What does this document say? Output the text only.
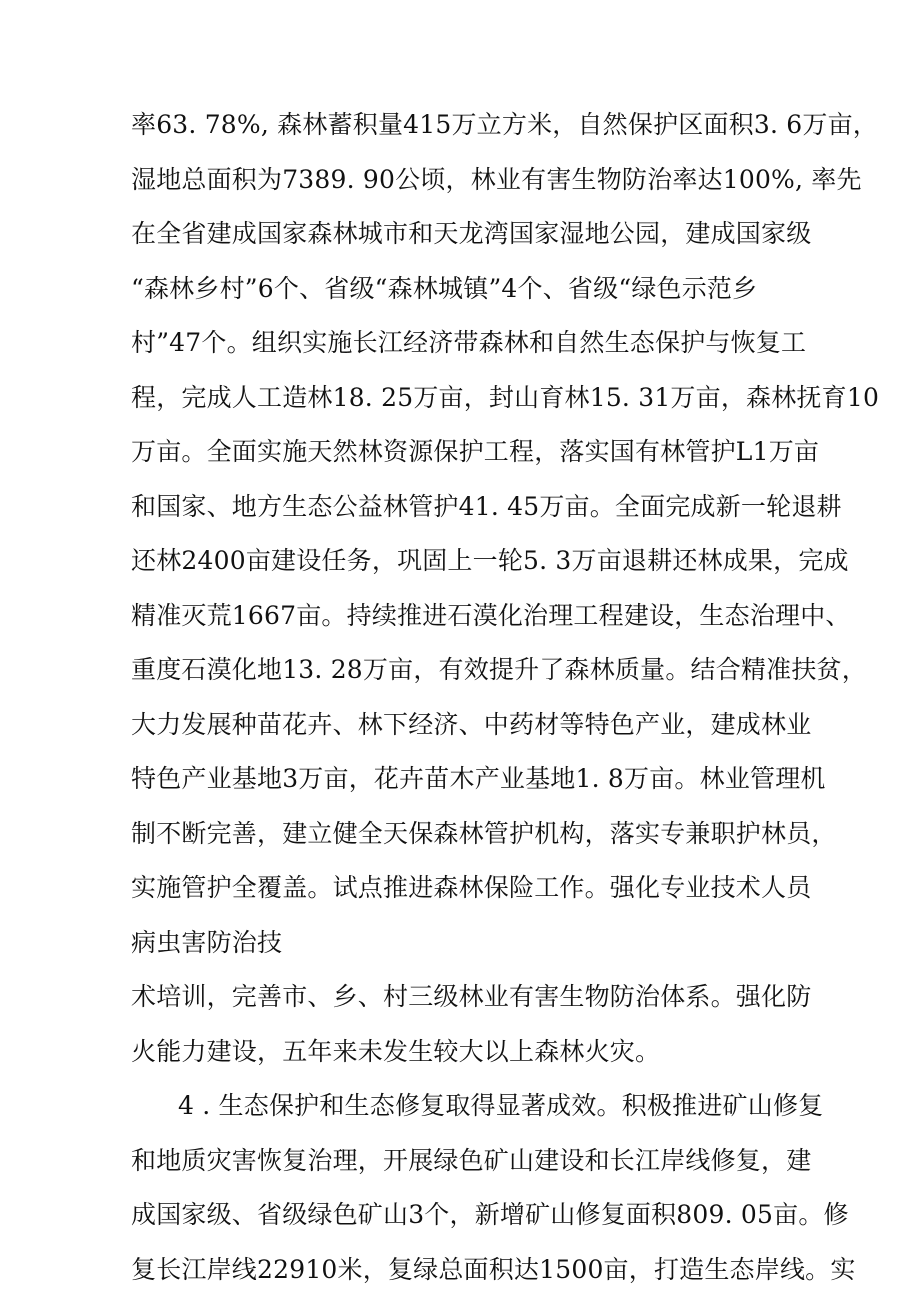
率63. 78%, 森林蓄积量415万立方米，自然保护区面积3. 6万亩，
湿地总面积为7389. 90公顷，林业有害生物防治率达100%, 率先
在全省建成国家森林城市和天龙湾国家湿地公园，建成国家级
“森林乡村”6个、省级“森林城镇”4个、省级“绿色示范乡
村”47个。组织实施长江经济带森林和自然生态保护与恢复工
程，完成人工造林18. 25万亩，封山育林15. 31万亩，森林抚育10
万亩。全面实施天然林资源保护工程，落实国有林管护L1万亩
和国家、地方生态公益林管护41. 45万亩。全面完成新一轮退耕
还林2400亩建设任务，巩固上一轮5. 3万亩退耕还林成果，完成
精准灭荒1667亩。持续推进石漠化治理工程建设，生态治理中、
重度石漠化地13. 28万亩，有效提升了森林质量。结合精准扶贫，
大力发展种苗花卉、林下经济、中药材等特色产业，建成林业
特色产业基地3万亩，花卉苗木产业基地1. 8万亩。林业管理机
制不断完善，建立健全天保森林管护机构，落实专兼职护林员，
实施管护全覆盖。试点推进森林保险工作。强化专业技术人员
病虫害防治技
术培训，完善市、乡、村三级林业有害生物防治体系。强化防
火能力建设，五年来未发生较大以上森林火灾。
4 . 生态保护和生态修复取得显著成效。积极推进矿山修复
和地质灾害恢复治理，开展绿色矿山建设和长江岸线修复，建
成国家级、省级绿色矿山3个，新增矿山修复面积809. 05亩。修
复长江岸线22910米，复绿总面积达1500亩，打造生态岸线。实
